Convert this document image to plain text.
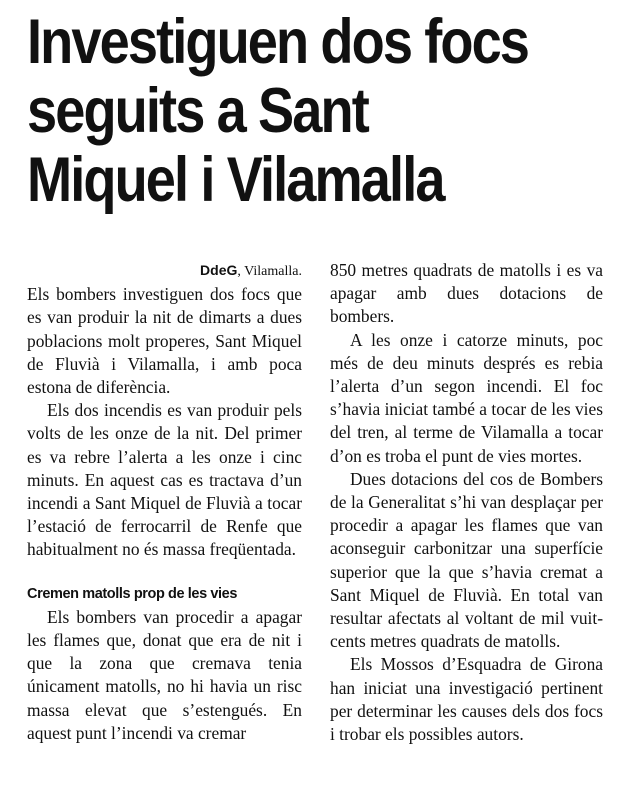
Investiguen dos focs
seguits a Sant
Miquel i Vilamalla

DdeG, Vilamalla.

Els bombers investiguen dos focs que es van produir la nit de dimarts a dues poblacions molt properes, Sant Miquel de Fluvià i Vilamalla, i amb poca estona de diferència.

Els dos incendis es van produir pels volts de les onze de la nit. Del primer es va rebre l’alerta a les onze i cinc minuts. En aquest cas es tractava d’un incendi a Sant Miquel de Fluvià a tocar l’estació de ferrocarril de Renfe que habitualment no és massa freqüentada.

Cremen matolls prop de les vies

Els bombers van procedir a apagar les flames que, donat que era de nit i que la zona que cremava tenia únicament matolls, no hi havia un risc massa elevat que s’estengués. En aquest punt l’incendi va cremar

850 metres quadrats de matolls i es va apagar amb dues dotacions de bombers.

A les onze i catorze minuts, poc més de deu minuts després es rebia l’alerta d’un segon incendi. El foc s’havia iniciat també a tocar de les vies del tren, al terme de Vilamalla a tocar d’on es troba el punt de vies mortes.

Dues dotacions del cos de Bombers de la Generalitat s’hi van desplaçar per procedir a apagar les flames que van aconseguir carbonitzar una superfície superior que la que s’havia cremat a Sant Miquel de Fluvià. En total van resultar afectats al voltant de mil vuit-cents metres quadrats de matolls.

Els Mossos d’Esquadra de Girona han iniciat una investigació pertinent per determinar les causes dels dos focs i trobar els possibles autors.
